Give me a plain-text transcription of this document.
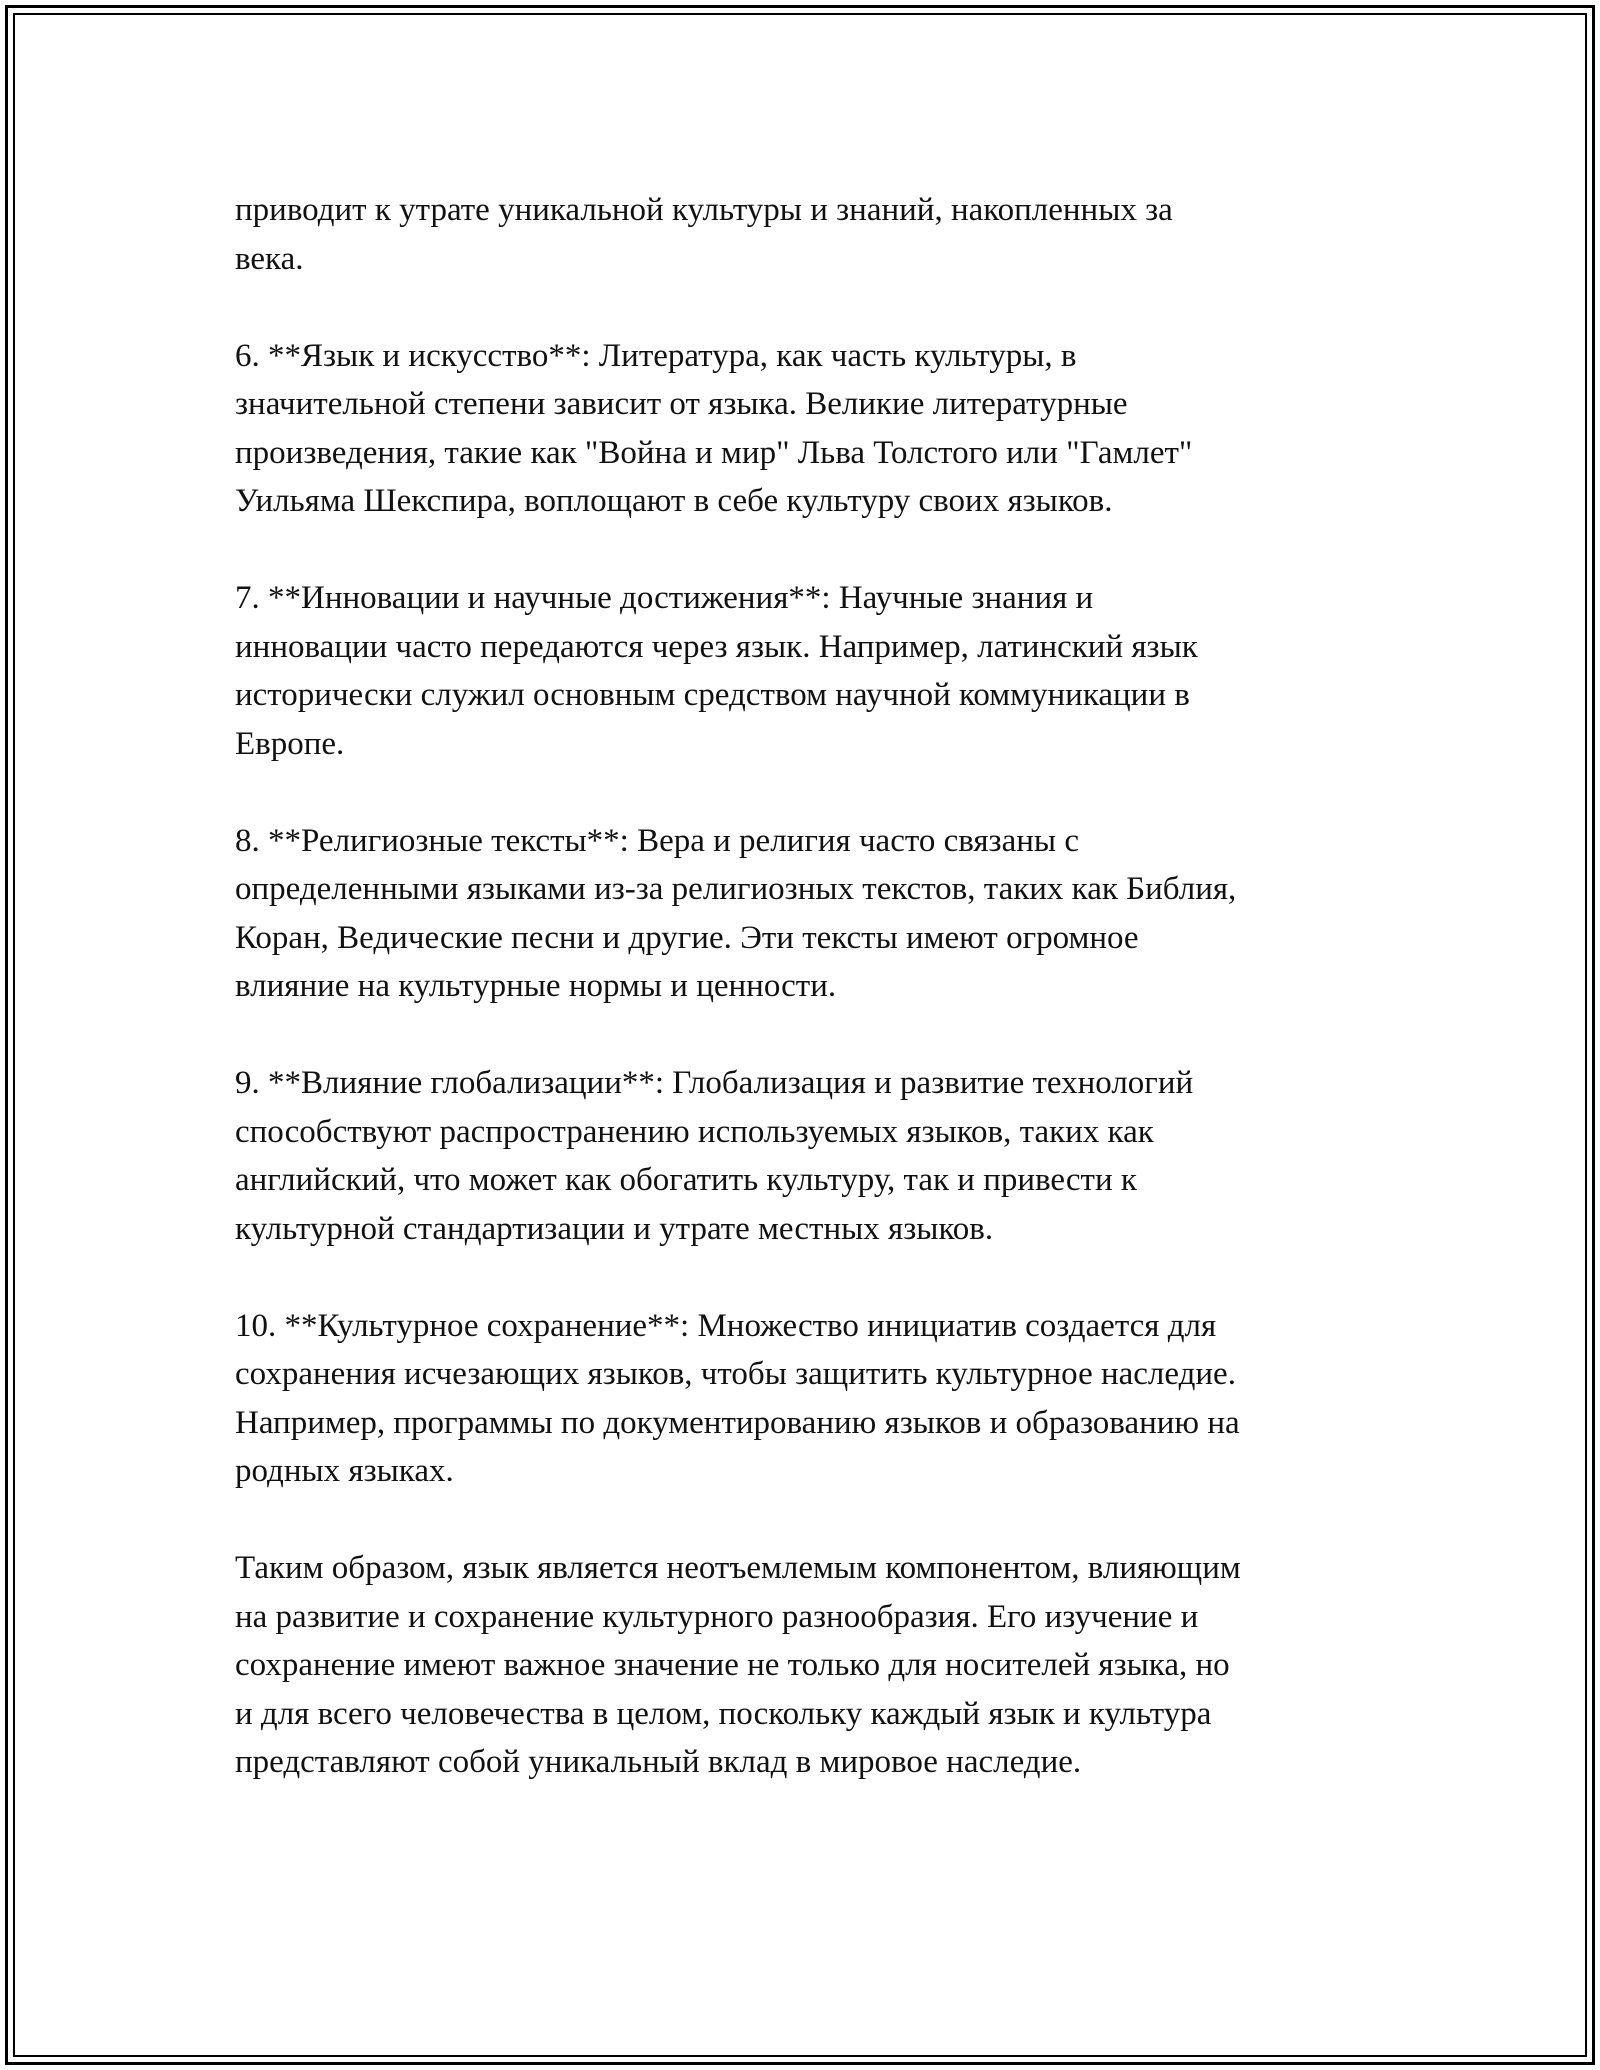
приводит к утрате уникальной культуры и знаний, накопленных за
века.

6. **Язык и искусство**: Литература, как часть культуры, в
значительной степени зависит от языка. Великие литературные
произведения, такие как "Война и мир" Льва Толстого или "Гамлет"
Уильяма Шекспира, воплощают в себе культуру своих языков.

7. **Инновации и научные достижения**: Научные знания и
инновации часто передаются через язык. Например, латинский язык
исторически служил основным средством научной коммуникации в
Европе.

8. **Религиозные тексты**: Вера и религия часто связаны с
определенными языками из-за религиозных текстов, таких как Библия,
Коран, Ведические песни и другие. Эти тексты имеют огромное
влияние на культурные нормы и ценности.

9. **Влияние глобализации**: Глобализация и развитие технологий
способствуют распространению используемых языков, таких как
английский, что может как обогатить культуру, так и привести к
культурной стандартизации и утрате местных языков.

10. **Культурное сохранение**: Множество инициатив создается для
сохранения исчезающих языков, чтобы защитить культурное наследие.
Например, программы по документированию языков и образованию на
родных языках.

Таким образом, язык является неотъемлемым компонентом, влияющим
на развитие и сохранение культурного разнообразия. Его изучение и
сохранение имеют важное значение не только для носителей языка, но
и для всего человечества в целом, поскольку каждый язык и культура
представляют собой уникальный вклад в мировое наследие.
